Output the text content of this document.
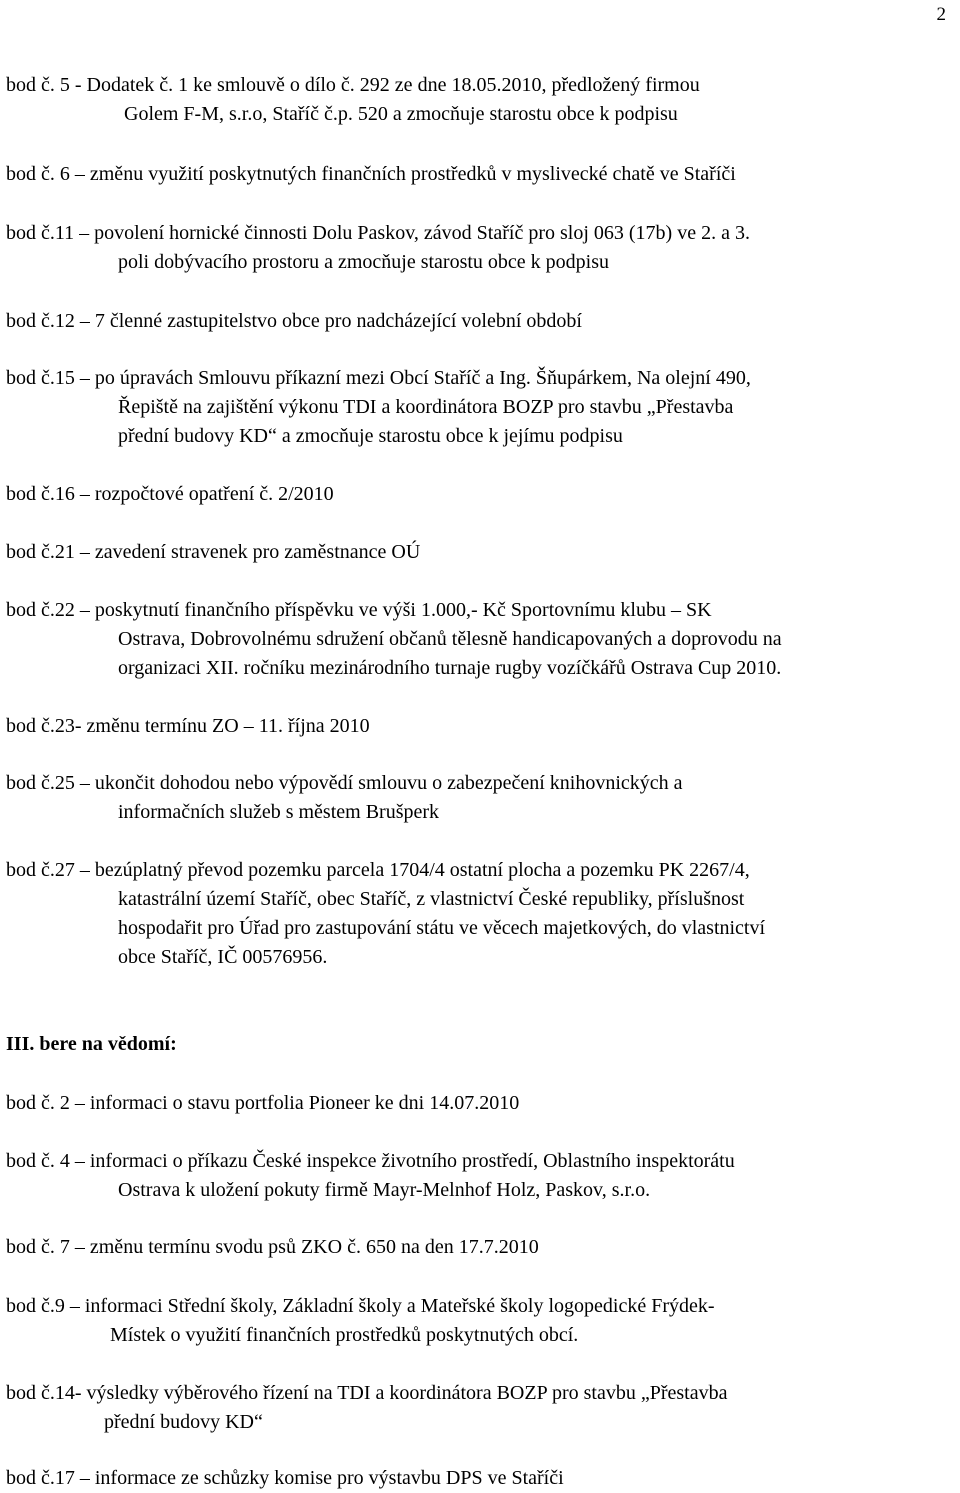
2
bod č. 5 - Dodatek č. 1 ke smlouvě o dílo č. 292 ze dne 18.05.2010, předložený firmou
Golem F-M, s.r.o, Staříč č.p. 520 a zmocňuje starostu obce k podpisu
bod č. 6 – změnu využití poskytnutých finančních prostředků v myslivecké chatě ve Staříči
bod č.11 – povolení hornické činnosti Dolu Paskov, závod Staříč pro sloj 063 (17b) ve 2. a 3.
poli dobývacího prostoru a zmocňuje starostu obce k podpisu
bod č.12 – 7 členné zastupitelstvo obce pro nadcházející volební období
bod č.15 – po úpravách Smlouvu příkazní mezi Obcí Staříč a Ing. Šňupárkem, Na olejní 490,
Řepiště na zajištění výkonu TDI a koordinátora BOZP pro stavbu „Přestavba
přední budovy KD“ a zmocňuje starostu obce k jejímu podpisu
bod č.16 – rozpočtové opatření č. 2/2010
bod č.21 – zavedení stravenek pro zaměstnance OÚ
bod č.22 – poskytnutí finančního příspěvku ve výši 1.000,- Kč Sportovnímu klubu – SK
Ostrava, Dobrovolnému sdružení občanů tělesně handicapovaných a doprovodu na
organizaci XII. ročníku mezinárodního turnaje rugby vozíčkářů Ostrava Cup 2010.
bod č.23- změnu termínu ZO – 11. října 2010
bod č.25 – ukončit dohodou nebo výpovědí smlouvu o zabezpečení knihovnických a
informačních služeb s městem Brušperk
bod č.27 – bezúplatný převod pozemku parcela 1704/4 ostatní plocha a pozemku PK 2267/4,
katastrální území Staříč, obec Staříč, z vlastnictví České republiky, příslušnost
hospodařit pro Úřad pro zastupování státu ve věcech majetkových, do vlastnictví
obce Staříč, IČ 00576956.
III. bere na vědomí:
bod č. 2 – informaci o stavu portfolia Pioneer ke dni 14.07.2010
bod č. 4 – informaci o příkazu České inspekce životního prostředí, Oblastního inspektorátu
Ostrava k uložení pokuty firmě Mayr-Melnhof Holz, Paskov, s.r.o.
bod č. 7 – změnu termínu svodu psů ZKO č. 650 na den 17.7.2010
bod č.9 – informaci Střední školy, Základní školy a Mateřské školy logopedické Frýdek-
Místek o využití finančních prostředků poskytnutých obcí.
bod č.14- výsledky výběrového řízení na TDI a koordinátora BOZP pro stavbu „Přestavba
přední budovy KD“
bod č.17 – informace ze schůzky komise pro výstavbu DPS ve Staříči
